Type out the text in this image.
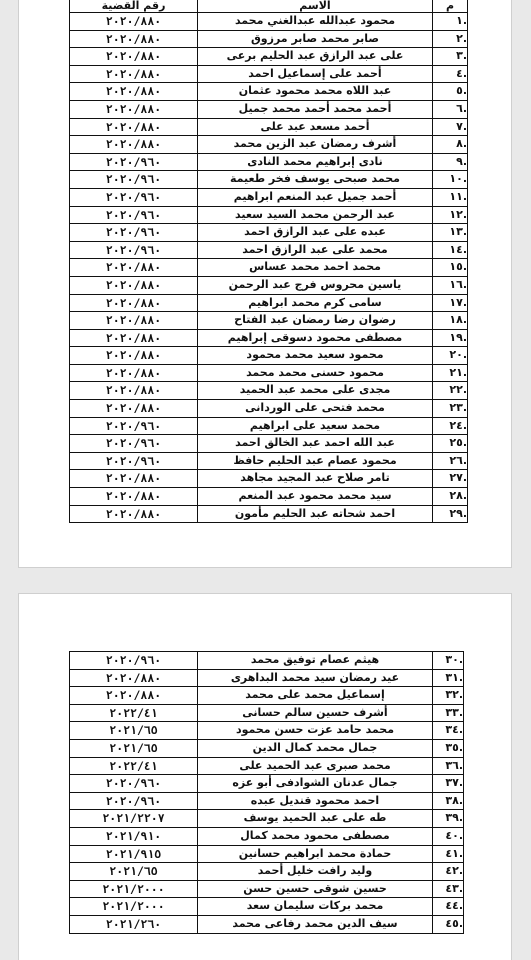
م	الاسم	رقم القضية
.١	محمود عبدالله عبدالغني محمد	٢٠٢٠/٨٨٠
.٢	صابر محمد صابر مرزوق	٢٠٢٠/٨٨٠
.٣	على عبد الرازق عبد الحليم برعى	٢٠٢٠/٨٨٠
.٤	أحمد على إسماعيل احمد	٢٠٢٠/٨٨٠
.٥	عبد اللاه محمد محمود عثمان	٢٠٢٠/٨٨٠
.٦	أحمد محمد أحمد محمد جميل	٢٠٢٠/٨٨٠
.٧	أحمد مسعد عبد على	٢٠٢٠/٨٨٠
.٨	أشرف رمضان عبد الزين محمد	٢٠٢٠/٨٨٠
.٩	نادى إبراهيم محمد النادى	٢٠٢٠/٩٦٠
.١٠	محمد صبحى يوسف فخر طعيمة	٢٠٢٠/٩٦٠
.١١	أحمد جميل عبد المنعم ابراهيم	٢٠٢٠/٩٦٠
.١٢	عبد الرحمن محمد السيد سعيد	٢٠٢٠/٩٦٠
.١٣	عبده على عبد الرازق احمد	٢٠٢٠/٩٦٠
.١٤	محمد على عبد الرازق احمد	٢٠٢٠/٩٦٠
.١٥	محمد احمد محمد عساس	٢٠٢٠/٨٨٠
.١٦	ياسين محروس فرج عبد الرحمن	٢٠٢٠/٨٨٠
.١٧	سامى كرم محمد ابراهيم	٢٠٢٠/٨٨٠
.١٨	رضوان رضا رمضان عبد الفتاح	٢٠٢٠/٨٨٠
.١٩	مصطفى محمود دسوقى إبراهيم	٢٠٢٠/٨٨٠
.٢٠	محمود سعيد محمد محمود	٢٠٢٠/٨٨٠
.٢١	محمود حسنى محمد محمد	٢٠٢٠/٨٨٠
.٢٢	مجدى على محمد عبد الحميد	٢٠٢٠/٨٨٠
.٢٣	محمد فتحى على الوردانى	٢٠٢٠/٨٨٠
.٢٤	محمد سعيد على ابراهيم	٢٠٢٠/٩٦٠
.٢٥	عبد الله احمد عبد الخالق احمد	٢٠٢٠/٩٦٠
.٢٦	محمود عصام عبد الحليم حافظ	٢٠٢٠/٩٦٠
.٢٧	تامر صلاح عبد المجيد مجاهد	٢٠٢٠/٨٨٠
.٢٨	سيد محمد محمود عبد المنعم	٢٠٢٠/٨٨٠
.٢٩	احمد شحاته عبد الحليم مأمون	٢٠٢٠/٨٨٠
.٣٠	هيثم عصام توفيق محمد	٢٠٢٠/٩٦٠
.٣١	عيد رمضان سيد محمد البداهرى	٢٠٢٠/٨٨٠
.٣٢	إسماعيل محمد على محمد	٢٠٢٠/٨٨٠
.٣٣	أشرف حسين سالم حسانى	٢٠٢٢/٤١
.٣٤	محمد حامد عزت حسن محمود	٢٠٢١/٦٥
.٣٥	جمال محمد كمال الدين	٢٠٢١/٦٥
.٣٦	محمد صبرى عبد الحميد على	٢٠٢٢/٤١
.٣٧	جمال عدنان الشوادفى أبو عزه	٢٠٢٠/٩٦٠
.٣٨	احمد محمود قنديل عبده	٢٠٢٠/٩٦٠
.٣٩	طه على عبد الحميد يوسف	٢٠٢١/٢٢٠٧
.٤٠	مصطفى محمود محمد كمال	٢٠٢١/٩١٠
.٤١	حمادة محمد ابراهيم حسانين	٢٠٢١/٩١٥
.٤٢	وليد رافت خليل أحمد	٢٠٢١/٦٥
.٤٣	حسين شوقى حسين حسن	٢٠٢١/٢٠٠٠
.٤٤	محمد بركات سليمان سعد	٢٠٢١/٢٠٠٠
.٤٥	سيف الدين محمد رفاعى محمد	٢٠٢١/٢٦٠
